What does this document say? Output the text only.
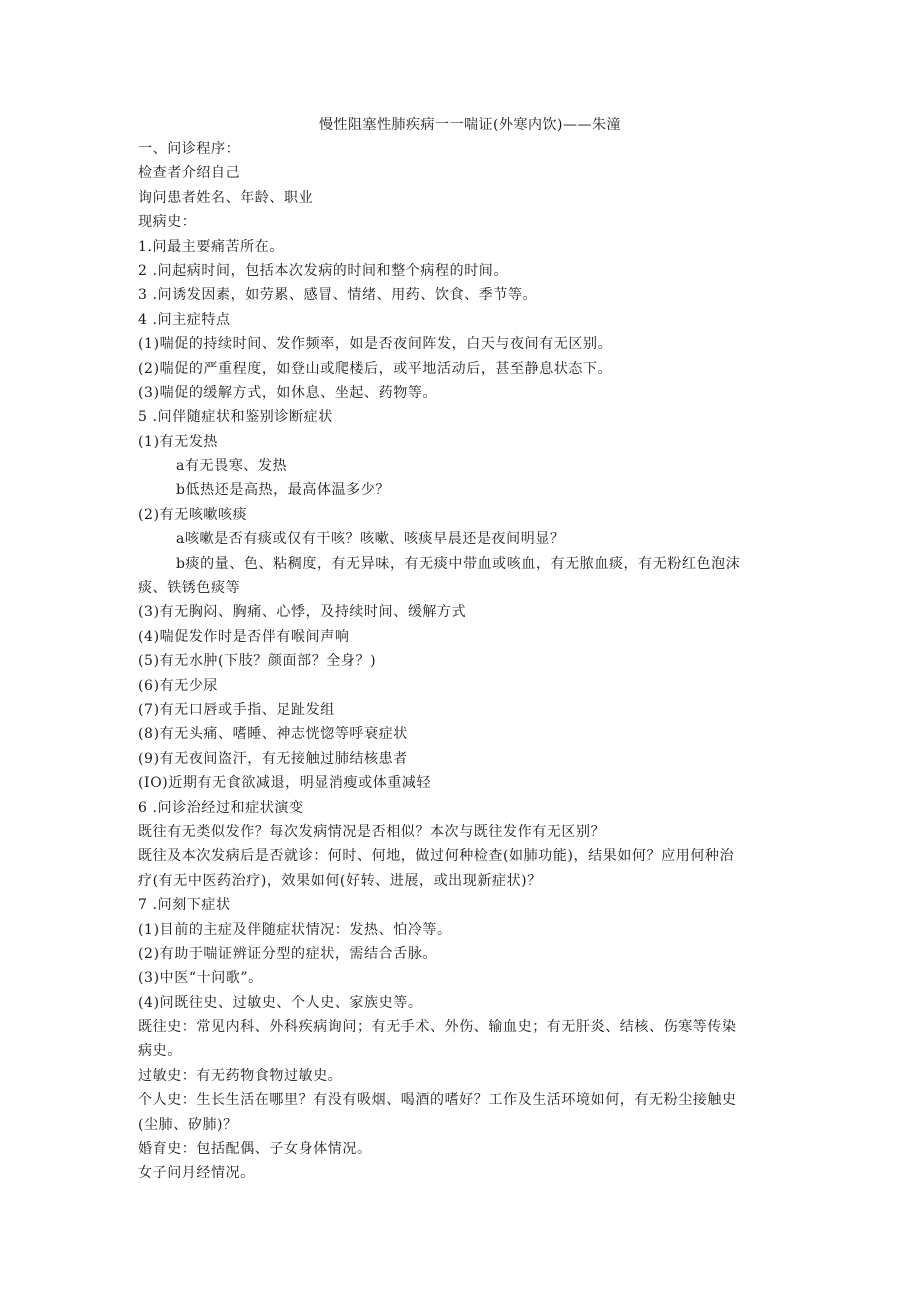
慢性阻塞性肺疾病一一喘证(外寒内饮)——朱潼
一、问诊程序：
检查者介绍自己
询问患者姓名、年龄、职业
现病史：
1.问最主要痛苦所在。
2 .问起病时间，包括本次发病的时间和整个病程的时间。
3 .问诱发因素，如劳累、感冒、情绪、用药、饮食、季节等。
4 .问主症特点
(1)喘促的持续时间、发作频率，如是否夜间阵发，白天与夜间有无区别。
(2)喘促的严重程度，如登山或爬楼后，或平地活动后，甚至静息状态下。
(3)喘促的缓解方式，如休息、坐起、药物等。
5 .问伴随症状和鉴别诊断症状
(1)有无发热
a有无畏寒、发热
b低热还是高热，最高体温多少？
(2)有无咳嗽咳痰
a咳嗽是否有痰或仅有干咳？咳嗽、咳痰早晨还是夜间明显？
b痰的量、色、粘稠度，有无异味，有无痰中带血或咳血，有无脓血痰，有无粉红色泡沫
痰、铁锈色痰等
(3)有无胸闷、胸痛、心悸，及持续时间、缓解方式
(4)喘促发作时是否伴有喉间声响
(5)有无水肿(下肢？颜面部？全身？)
(6)有无少尿
(7)有无口唇或手指、足趾发组
(8)有无头痛、嗜睡、神志恍惚等呼衰症状
(9)有无夜间盗汗，有无接触过肺结核患者
(IO)近期有无食欲减退，明显消瘦或体重减轻
6 .问诊治经过和症状演变
既往有无类似发作？每次发病情况是否相似？本次与既往发作有无区别？
既往及本次发病后是否就诊：何时、何地，做过何种检查(如肺功能)，结果如何？应用何种治
疗(有无中医药治疗)，效果如何(好转、进展，或出现新症状)？
7 .问刻下症状
(1)目前的主症及伴随症状情况：发热、怕冷等。
(2)有助于喘证辨证分型的症状，需结合舌脉。
(3)中医“十问歌”。
(4)问既往史、过敏史、个人史、家族史等。
既往史：常见内科、外科疾病询问；有无手术、外伤、输血史；有无肝炎、结核、伤寒等传染
病史。
过敏史：有无药物食物过敏史。
个人史：生长生活在哪里？有没有吸烟、喝酒的嗜好？工作及生活环境如何，有无粉尘接触史
(尘肺、矽肺)？
婚育史：包括配偶、子女身体情况。
女子问月经情况。
